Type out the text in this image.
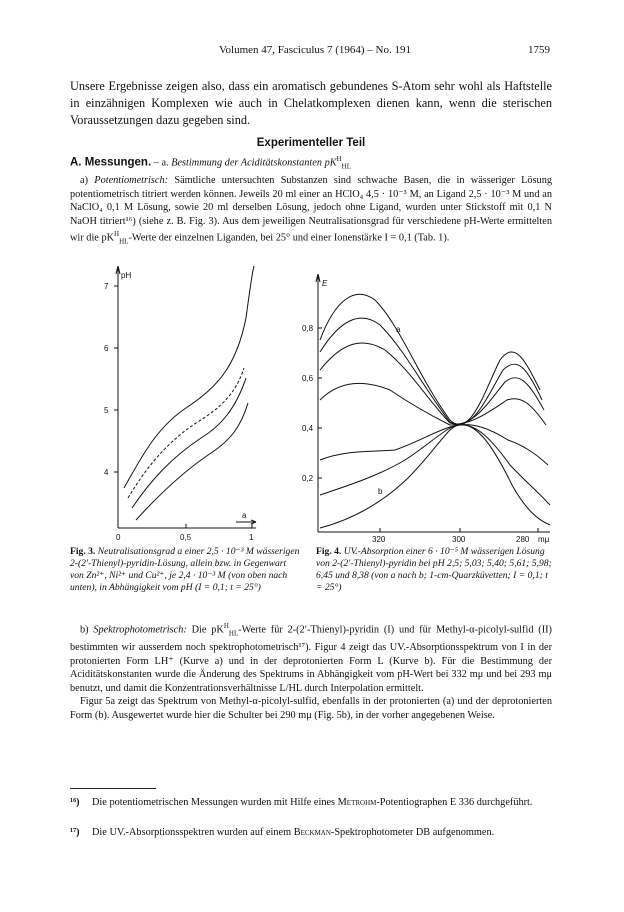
Volumen 47, Fasciculus 7 (1964) – No. 191	1759
Unsere Ergebnisse zeigen also, dass ein aromatisch gebundenes S-Atom sehr wohl als Haftstelle in einzähnigen Komplexen wie auch in Chelatkomplexen dienen kann, wenn die sterischen Voraussetzungen dazu gegeben sind.
Experimenteller Teil
A. Messungen. – a. Bestimmung der Aciditätskonstanten $pK^H_{HL}$
a) Potentiometrisch: Sämtliche untersuchten Substanzen sind schwache Basen, die in wässeriger Lösung potentiometrisch titriert werden können. Jeweils 20 ml einer an HClO₄ 4,5 · 10⁻³ M, an Ligand 2,5 · 10⁻³ M und an NaClO₄ 0,1 M Lösung, sowie 20 ml derselben Lösung, jedoch ohne Ligand, wurden unter Stickstoff mit 0,1 N NaOH titriert¹⁶) (siehe z. B. Fig. 3). Aus dem jeweiligen Neutralisationsgrad für verschiedene pH-Werte ermittelten wir die $pK^H_{HL}$-Werte der einzelnen Liganden, bei 25° und einer Ionenstärke I = 0,1 (Tab. 1).
pH
7
6
5
4
0	0,5	1
a
Fig. 3. Neutralisationsgrad a einer 2,5 · 10⁻³ M wässerigen 2-(2′-Thienyl)-pyridin-Lösung, allein bzw. in Gegenwart von Zn²⁺, Ni²⁺ und Cu²⁺, je 2,4 · 10⁻³ M (von oben nach unten), in Abhängigkeit vom pH (I = 0,1; t = 25°)
E
0,8
0,6
0,4
0,2
320	300	280 mμ
a
b
Fig. 4. UV.-Absorption einer 6 · 10⁻⁵ M wässerigen Lösung von 2-(2′-Thienyl)-pyridin bei pH 2,5; 5,03; 5,40; 5,61; 5,98; 6,45 und 8,38 (von a nach b; 1-cm-Quarzküvetten; I = 0,1; t = 25°)
b) Spektrophotometrisch: Die $pK^H_{HL}$-Werte für 2-(2′-Thienyl)-pyridin (I) und für Methyl-α-picolyl-sulfid (II) bestimmten wir ausserdem noch spektrophotometrisch¹⁷). Figur 4 zeigt das UV.-Absorptionsspektrum von I in der protonierten Form LH⁺ (Kurve a) und in der deprotonierten Form L (Kurve b). Für die Bestimmung der Aciditätskonstanten wurde die Änderung des Spektrums in Abhängigkeit vom pH-Wert bei 332 mμ und bei 293 mμ benutzt, und damit die Konzentrationsverhältnisse L/HL durch Interpolation ermittelt.
Figur 5a zeigt das Spektrum von Methyl-α-picolyl-sulfid, ebenfalls in der protonierten (a) und der deprotonierten Form (b). Ausgewertet wurde hier die Schulter bei 290 mμ (Fig. 5b), in der vorher angegebenen Weise.
¹⁶) Die potentiometrischen Messungen wurden mit Hilfe eines Metrohm-Potentiographen E 336 durchgeführt.
¹⁷) Die UV.-Absorptionsspektren wurden auf einem Beckman-Spektrophotometer DB aufgenommen.
